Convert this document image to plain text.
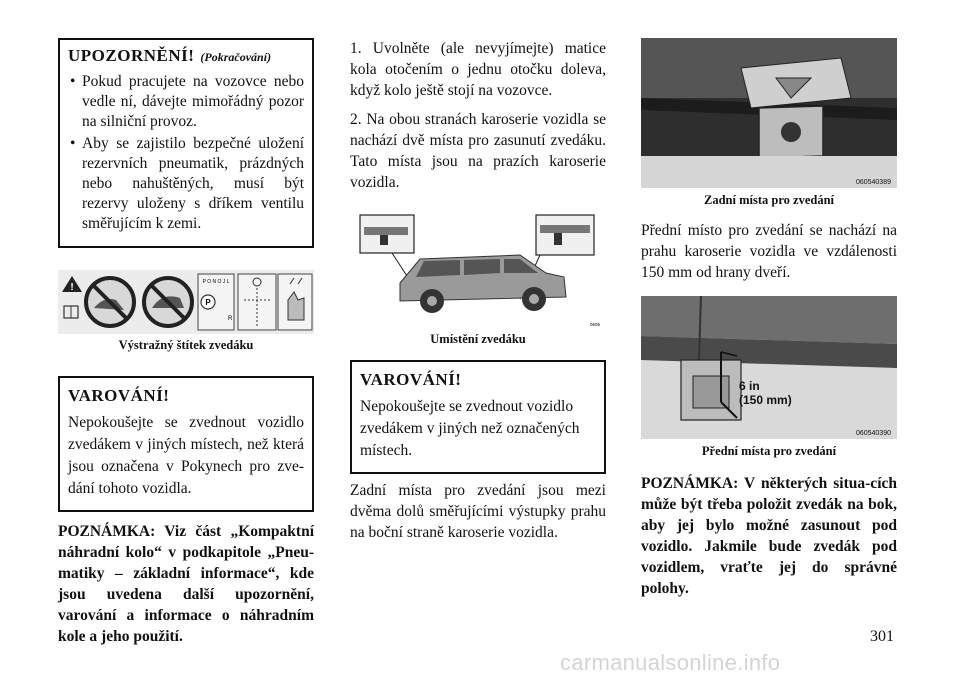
UPOZORNĚNÍ! (Pokračování)
• Pokud pracujete na vozovce nebo vedle ní, dávejte mimořádný pozor na silniční provoz.
• Aby se zajistilo bezpečné uložení rezervních pneumatik, prázdných nebo nahuštěných, musí být rezervy uloženy s dříkem ventilu směřujícím k zemi.
!	P O N O J L
P
R
Výstražný štítek zvedáku
VAROVÁNÍ!

Nepokoušejte se zvednout vozidlo zvedákem v jiných místech, než která jsou označena v Pokynech pro zve-dání tohoto vozidla.

POZNÁMKA: Viz část „Kompaktní náhradní kolo“ v podkapitole „Pneu-matiky – základní informace“, kde jsou uvedena další upozornění, varování a informace o náhradním kole a jeho použití.

1. Uvolněte (ale nevyjímejte) matice kola otočením o jednu otočku doleva, když kolo ještě stojí na vozovce.

2. Na obou stranách karoserie vozidla se nachází dvě místa pro zasunutí zvedáku. Tato místa jsou na prazích karoserie vozidla.

0605
Umístění zvedáku
VAROVÁNÍ!

Nepokoušejte se zvednout vozidlo zvedákem v jiných než označených místech.

Zadní místa pro zvedání jsou mezi dvěma dolů směřujícími výstupky prahu na boční straně karoserie vozidla.

060540389
Zadní místa pro zvedání

Přední místo pro zvedání se nachází na prahu karoserie vozidla ve vzdálenosti 150 mm od hrany dveří.

6 in
(150 mm)
060540390
Přední místa pro zvedání

POZNÁMKA: V některých situa-cích může být třeba položit zvedák na bok, aby jej bylo možné zasunout pod vozidlo. Jakmile bude zvedák pod vozidlem, vraťte jej do správné polohy.

301
carmanualsonline.info
